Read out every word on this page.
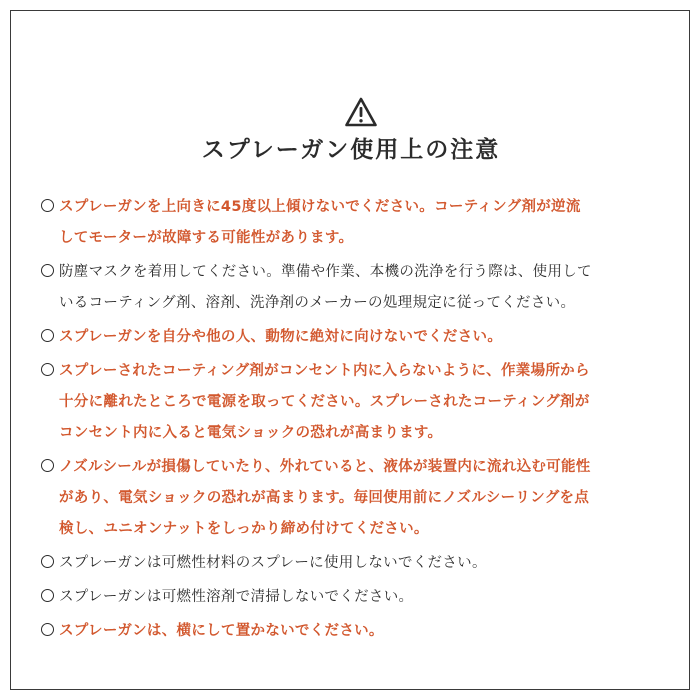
スプレーガン使用上の注意
スプレーガンを上向きに45度以上傾けないでください。コーティング剤が逆流
してモーターが故障する可能性があります。
防塵マスクを着用してください。準備や作業、本機の洗浄を行う際は、使用して
いるコーティング剤、溶剤、洗浄剤のメーカーの処理規定に従ってください。
スプレーガンを自分や他の人、動物に絶対に向けないでください。
スプレーされたコーティング剤がコンセント内に入らないように、作業場所から
十分に離れたところで電源を取ってください。スプレーされたコーティング剤が
コンセント内に入ると電気ショックの恐れが高まります。
ノズルシールが損傷していたり、外れていると、液体が装置内に流れ込む可能性
があり、電気ショックの恐れが高まります。毎回使用前にノズルシーリングを点
検し、ユニオンナットをしっかり締め付けてください。
スプレーガンは可燃性材料のスプレーに使用しないでください。
スプレーガンは可燃性溶剤で清掃しないでください。
スプレーガンは、横にして置かないでください。
